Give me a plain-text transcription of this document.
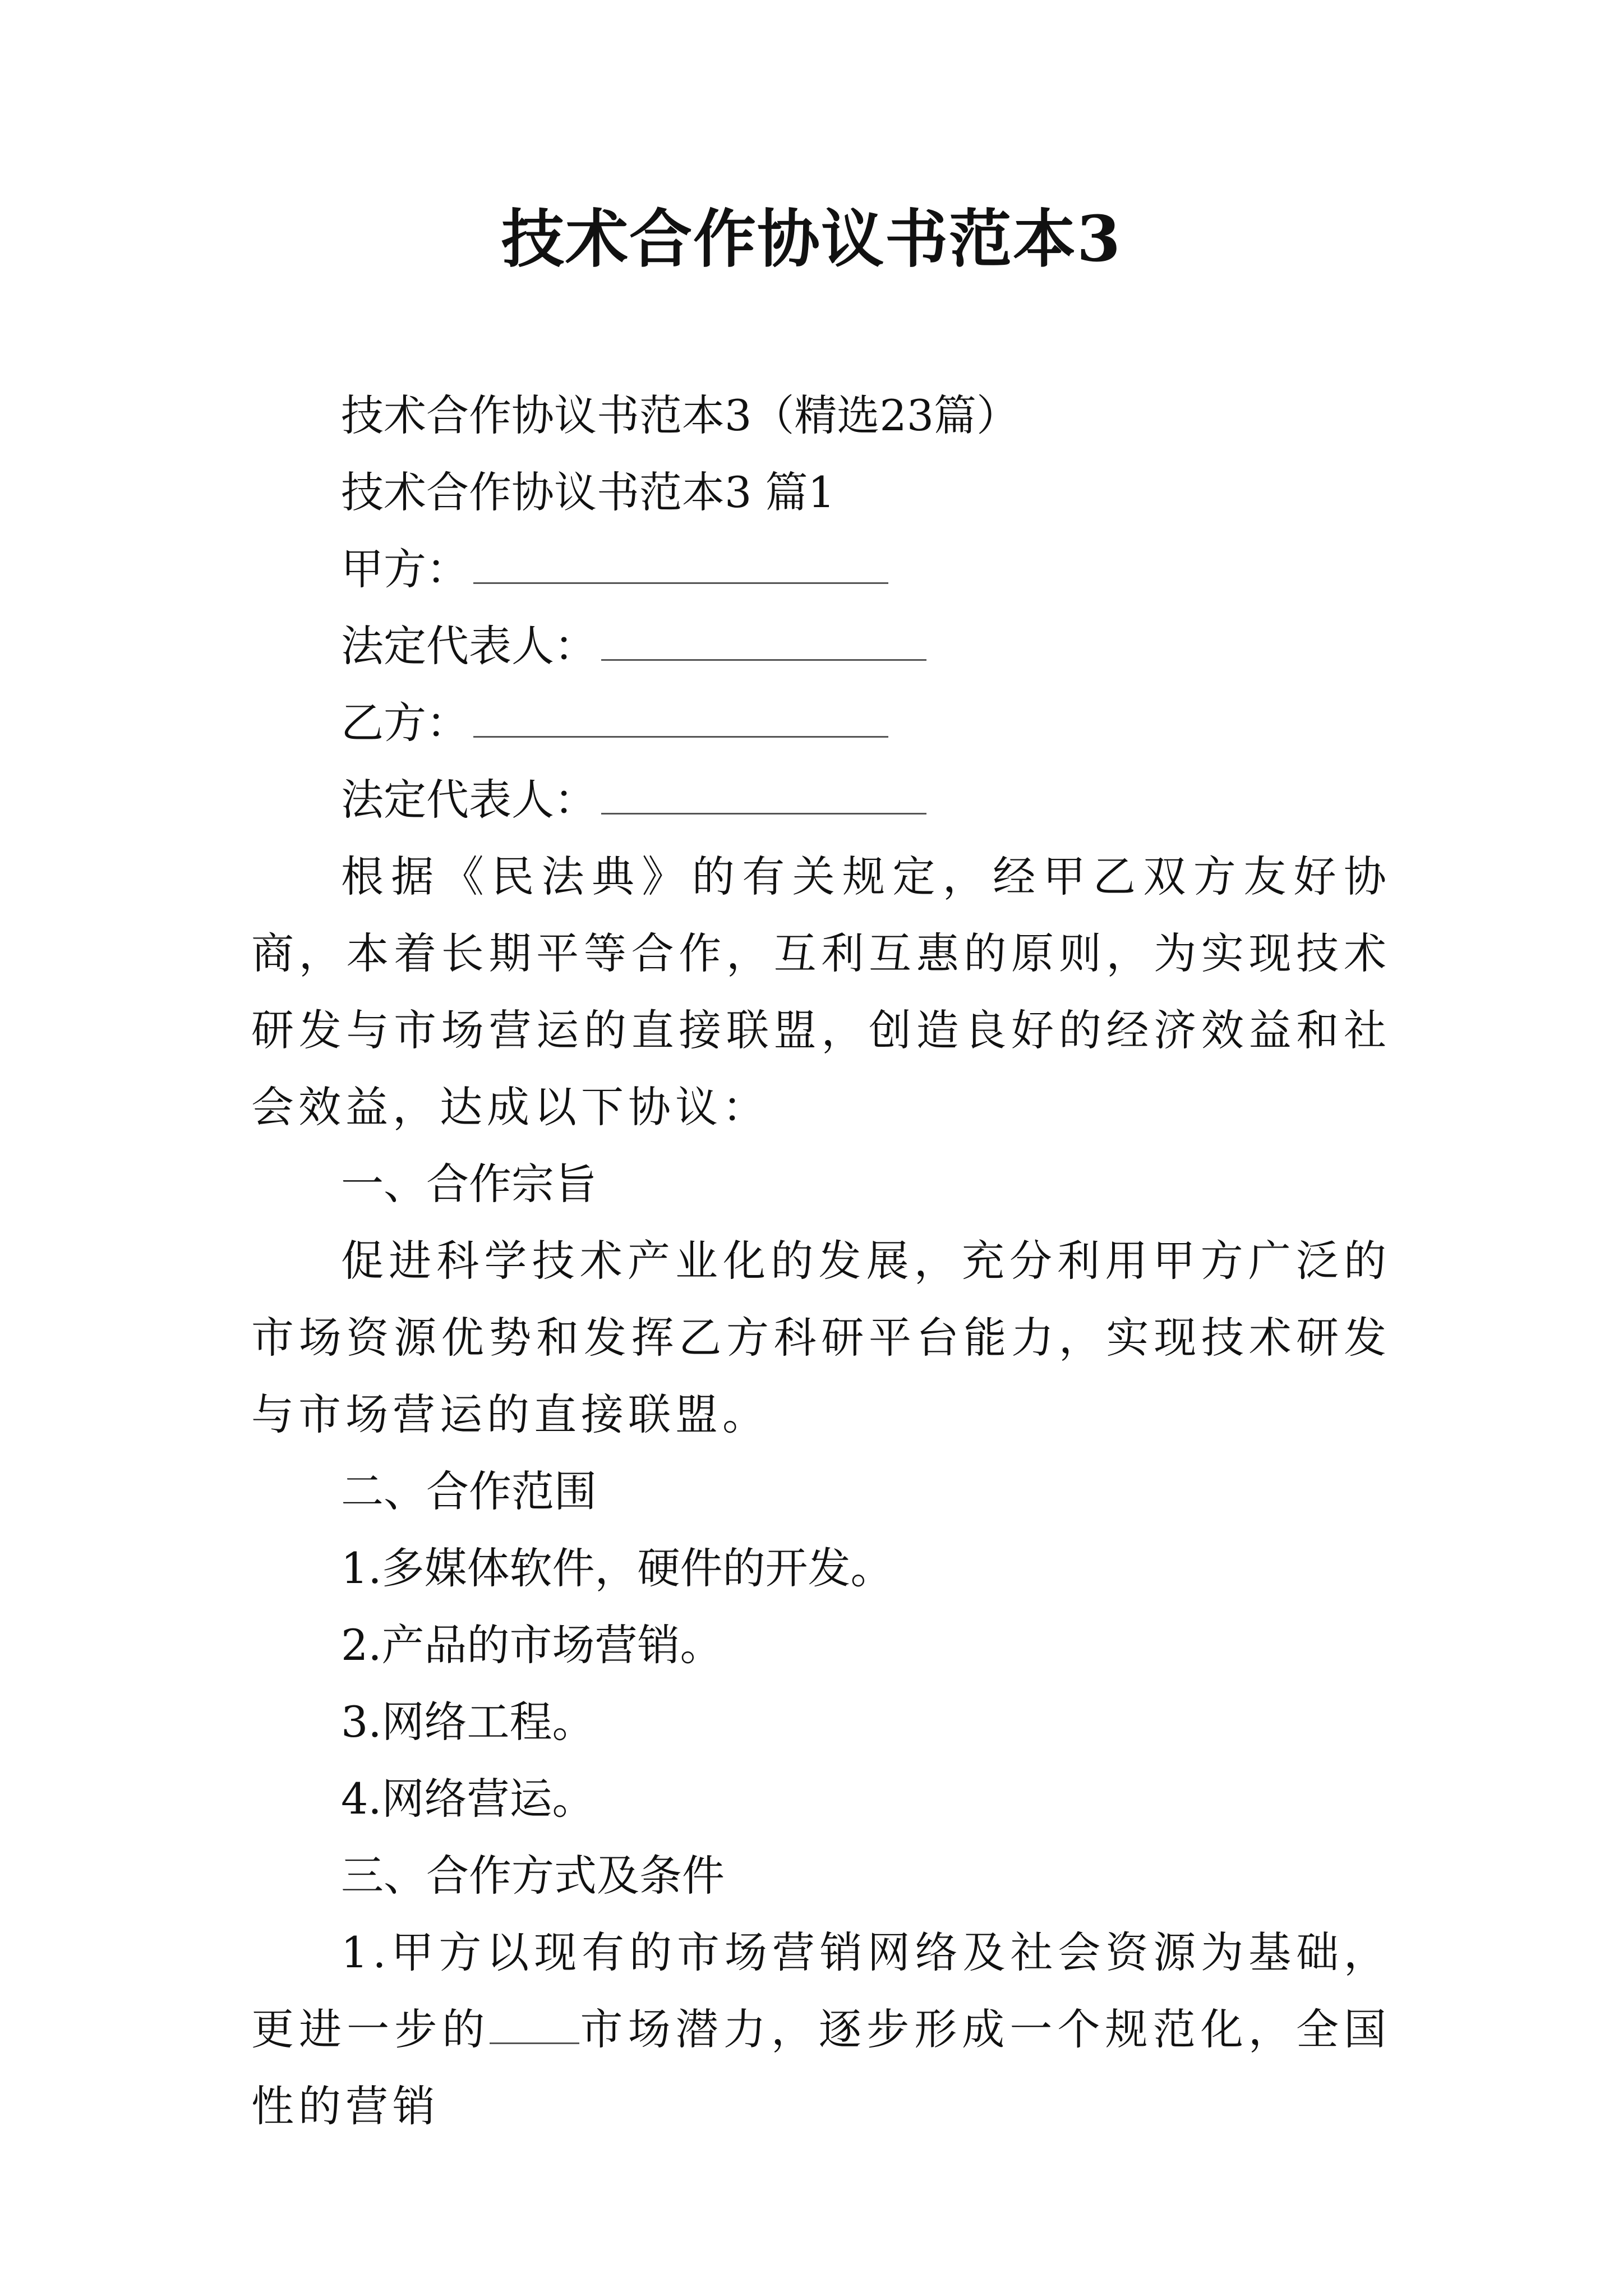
技术合作协议书范本3

技术合作协议书范本3（精选23篇）

技术合作协议书范本3 篇1

甲方：

法定代表人：

乙方：

法定代表人：

根据《民法典》的有关规定，经甲乙双方友好协商，本着长期平等合作，互利互惠的原则，为实现技术研发与市场营运的直接联盟，创造良好的经济效益和社会效益，达成以下协议：

一、合作宗旨

促进科学技术产业化的发展，充分利用甲方广泛的市场资源优势和发挥乙方科研平台能力，实现技术研发与市场营运的直接联盟。

二、合作范围

1.多媒体软件，硬件的开发。

2.产品的市场营销。

3.网络工程。

4.网络营运。

三、合作方式及条件

1.甲方以现有的市场营销网络及社会资源为基础，更进一步的 市场潜力，逐步形成一个规范化，全国性的营销
